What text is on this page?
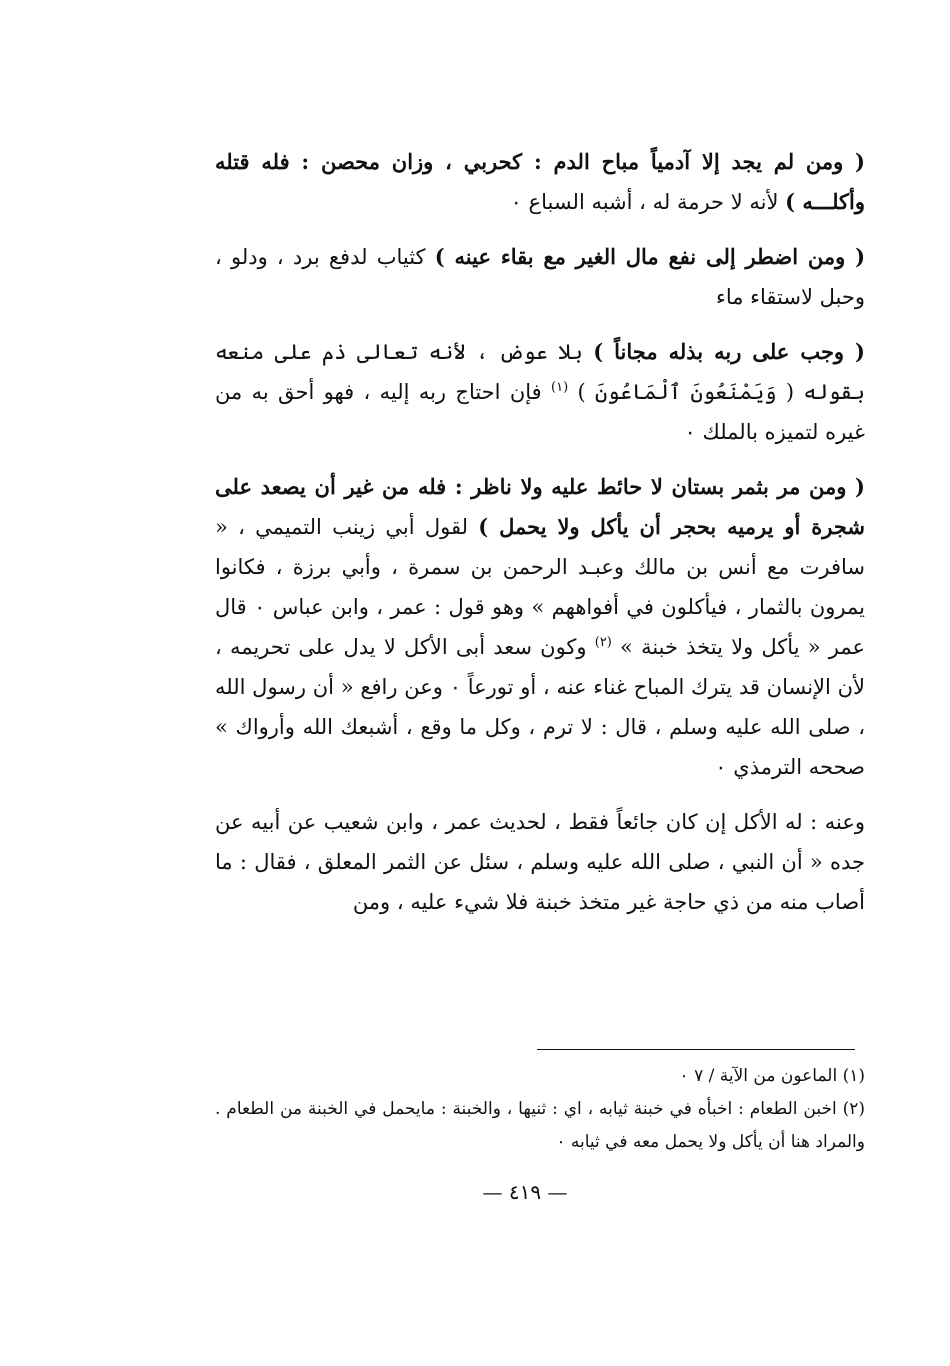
( ومن لم يجد إلا آدمياً مباح الدم : كحربي ، وزان محصن : فله قتله وأكلـــه ) لأنه لا حرمة له ، أشبه السباع ٠

( ومن اضطر إلى نفع مال الغير مع بقاء عينه ) كثياب لدفع برد ، ودلو ، وحبل لاستقاء ماء

( وجب على ربه بذله مجاناً ) بلا عوض ، لأنه تعالى ذم على منعه بقوله ( وَيَمْنَعُونَ ٱلْمَاعُونَ ) $^{(١)}$ فإن احتاج ربه إليه ، فهو أحق به من غيره لتميزه بالملك ٠

( ومن مر بثمر بستان لا حائط عليه ولا ناظر : فله من غير أن يصعد على شجرة أو يرميه بحجر أن يأكل ولا يحمل ) لقول أبي زينب التميمي ، « سافرت مع أنس بن مالك وعبـد الرحمن بن سمرة ، وأبي برزة ، فكانوا يمرون بالثمار ، فيأكلون في أفواههم » وهو قول : عمر ، وابن عباس ٠ قال عمر « يأكل ولا يتخذ خبنة » $^{(٢)}$ وكون سعد أبى الأكل لا يدل على تحريمه ، لأن الإنسان قد يترك المباح غناء عنه ، أو تورعاً ٠ وعن رافع « أن رسول الله ، صلى الله عليه وسلم ، قال : لا ترم ، وكل ما وقع ، أشبعك الله وأرواك » صححه الترمذي ٠

وعنه : له الأكل إن كان جائعاً فقط ، لحديث عمر ، وابن شعيب عن أبيه عن جده « أن النبي ، صلى الله عليه وسلم ، سئل عن الثمر المعلق ، فقال : ما أصاب منه من ذي حاجة غير متخذ خبنة فلا شيء عليه ، ومن

(١) الماعون من الآية / ٧ ٠

(٢) اخبن الطعام : اخبأه في خبنة ثيابه ، اي : ثنيها ، والخبنة : مايحمل في الخبنة من الطعام . والمراد هنا أن يأكل ولا يحمل معه في ثيابه ٠

— ٤١٩ —
